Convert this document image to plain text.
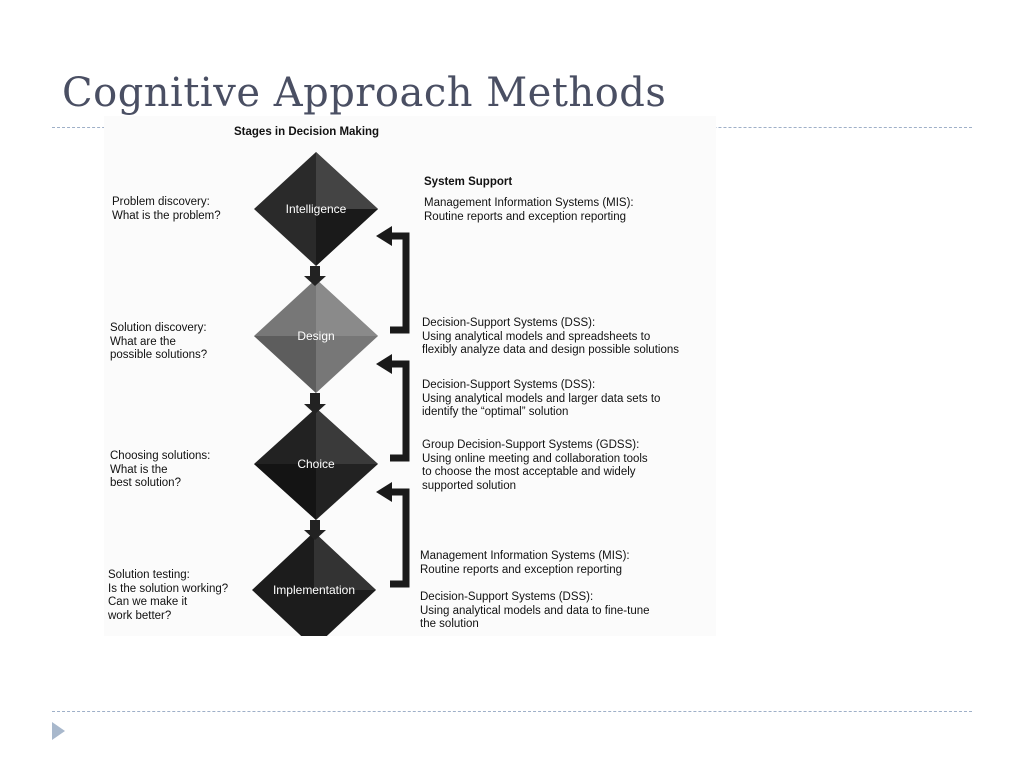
Cognitive Approach Methods
Stages in Decision Making
System Support
Intelligence
Design
Choice
Implementation
Problem discovery:
What is the problem?
Solution discovery:
What are the
possible solutions?
Choosing solutions:
What is the
best solution?
Solution testing:
Is the solution working?
Can we make it
work better?
Management Information Systems (MIS):
Routine reports and exception reporting
Decision-Support Systems (DSS):
Using analytical models and spreadsheets to
flexibly analyze data and design possible solutions
Decision-Support Systems (DSS):
Using analytical models and larger data sets to
identify the “optimal” solution
Group Decision-Support Systems (GDSS):
Using online meeting and collaboration tools
to choose the most acceptable and widely
supported solution
Management Information Systems (MIS):
Routine reports and exception reporting
Decision-Support Systems (DSS):
Using analytical models and data to fine-tune
the solution
